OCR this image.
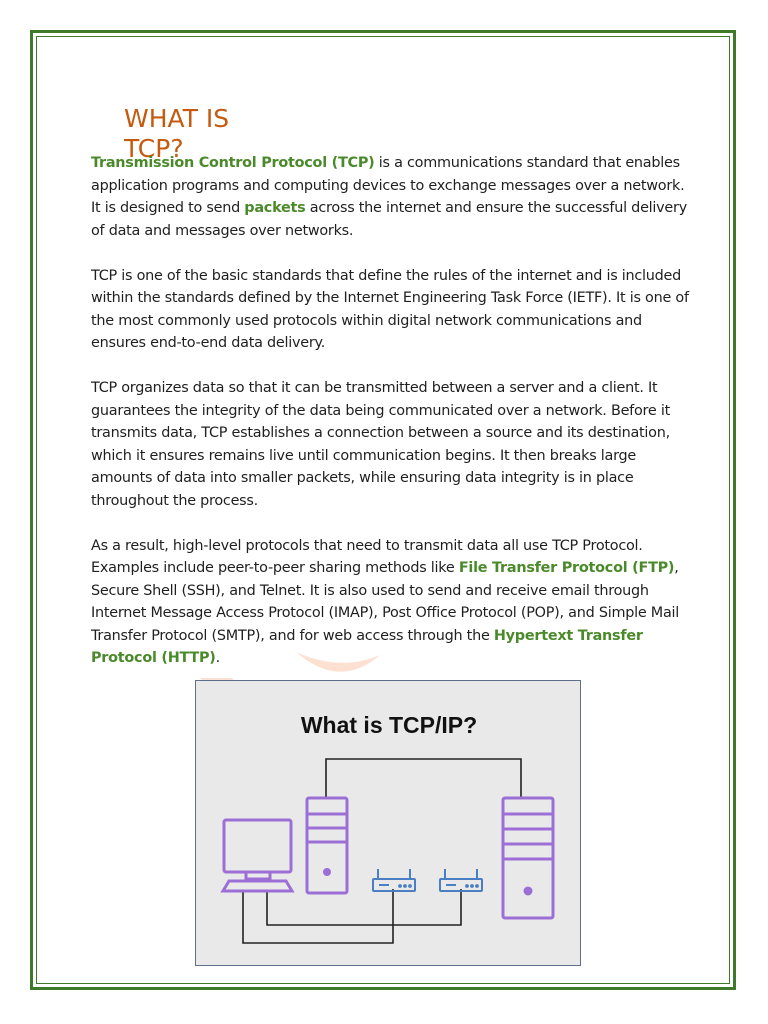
WHAT IS TCP?

Transmission Control Protocol (TCP) is a communications standard that enables application programs and computing devices to exchange messages over a network. It is designed to send packets across the internet and ensure the successful delivery of data and messages over networks.

TCP is one of the basic standards that define the rules of the internet and is included within the standards defined by the Internet Engineering Task Force (IETF). It is one of the most commonly used protocols within digital network communications and ensures end-to-end data delivery.

TCP organizes data so that it can be transmitted between a server and a client. It guarantees the integrity of the data being communicated over a network. Before it transmits data, TCP establishes a connection between a source and its destination, which it ensures remains live until communication begins. It then breaks large amounts of data into smaller packets, while ensuring data integrity is in place throughout the process.

As a result, high-level protocols that need to transmit data all use TCP Protocol. Examples include peer-to-peer sharing methods like File Transfer Protocol (FTP), Secure Shell (SSH), and Telnet. It is also used to send and receive email through Internet Message Access Protocol (IMAP), Post Office Protocol (POP), and Simple Mail Transfer Protocol (SMTP), and for web access through the Hypertext Transfer Protocol (HTTP).

What is TCP/IP?
